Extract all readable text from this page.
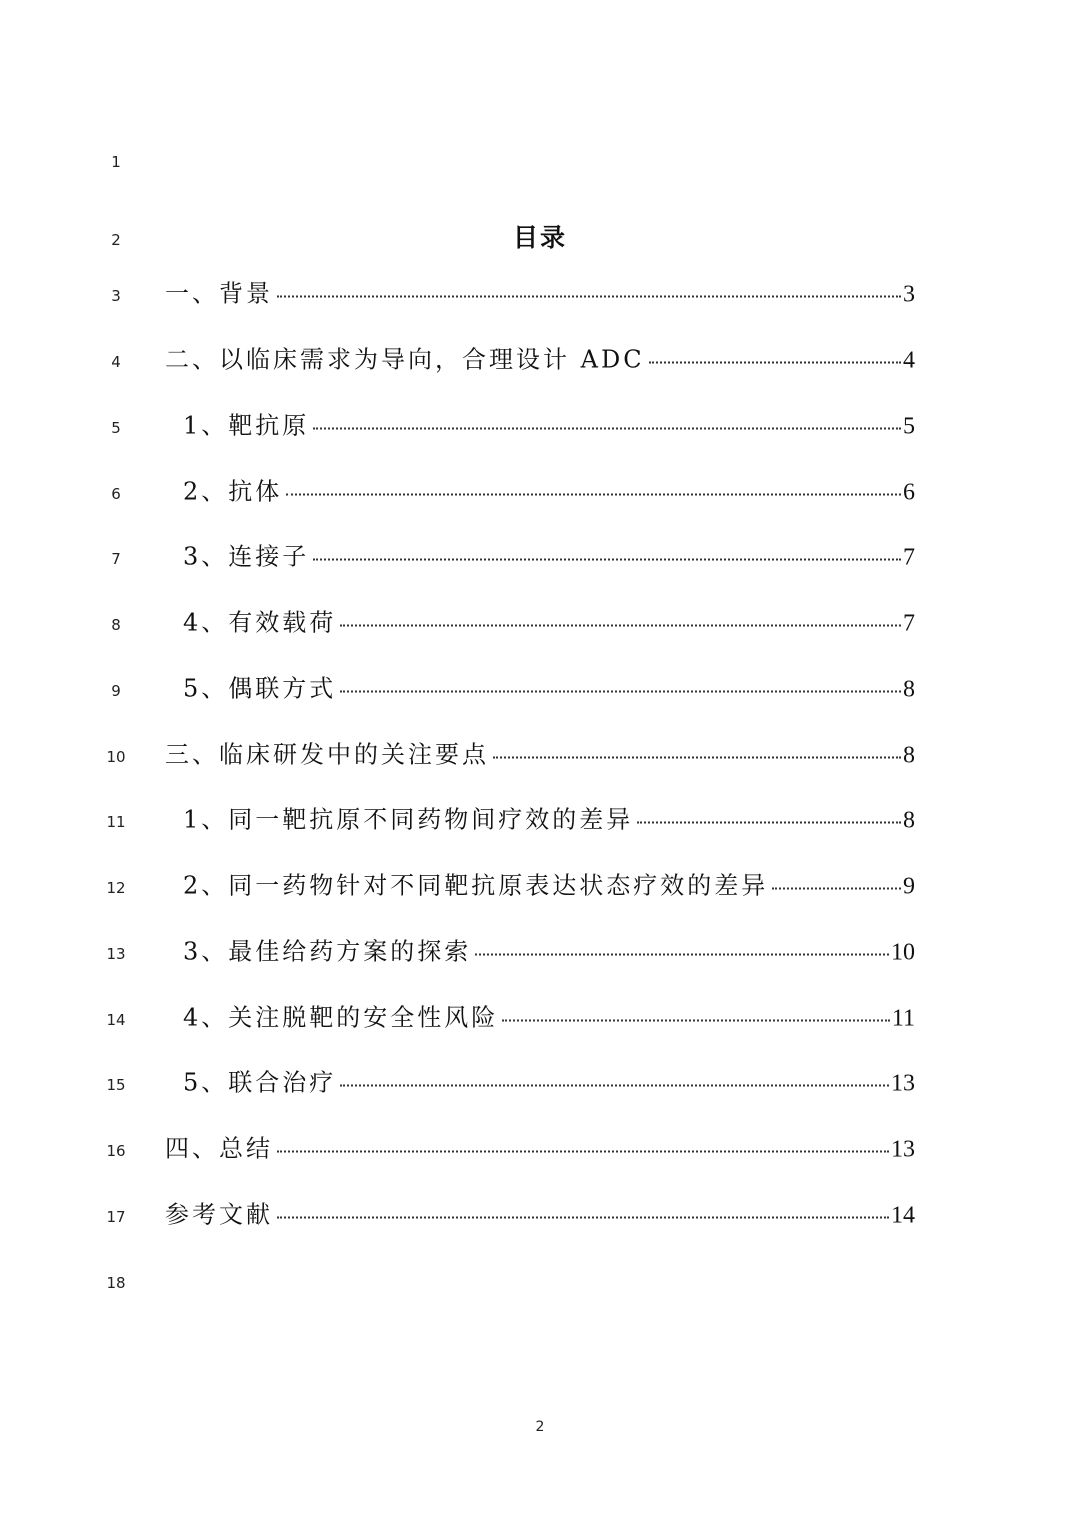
1
2
3
4
5
6
7
8
9
10
11
12
13
14
15
16
17
18
目录
一、背景	3
二、以临床需求为导向，合理设计 ADC	4
1、靶抗原	5
2、抗体	6
3、连接子	7
4、有效载荷	7
5、偶联方式	8
三、临床研发中的关注要点	8
1、同一靶抗原不同药物间疗效的差异	8
2、同一药物针对不同靶抗原表达状态疗效的差异	9
3、最佳给药方案的探索	10
4、关注脱靶的安全性风险	11
5、联合治疗	13
四、总结	13
参考文献	14
2
